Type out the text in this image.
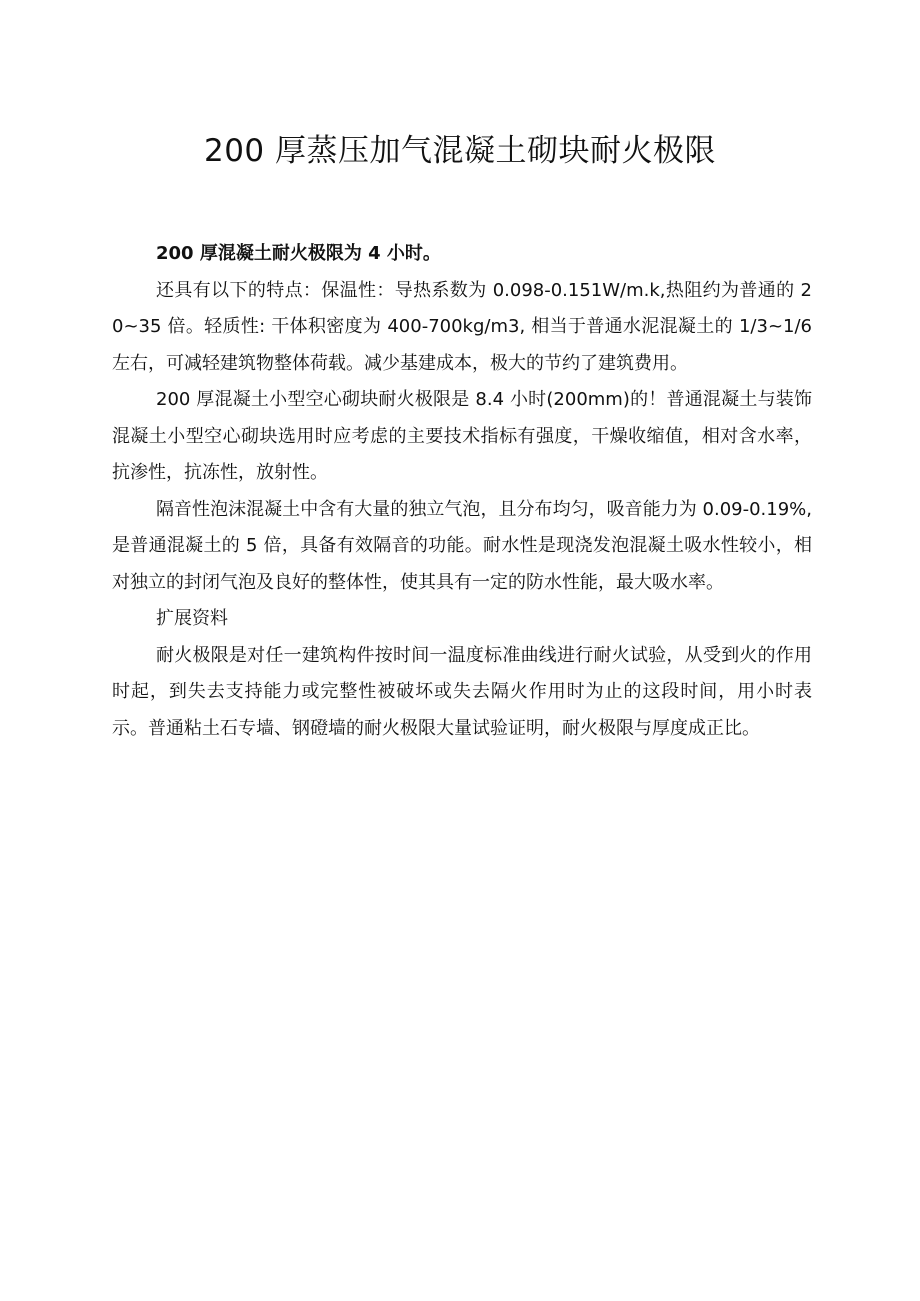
200 厚蒸压加气混凝土砌块耐火极限

200 厚混凝土耐火极限为 4 小时。

还具有以下的特点：保温性：导热系数为 0.098-0.151W/m.k,热阻约为普通的 20~35 倍。轻质性: 干体积密度为 400-700kg/m3, 相当于普通水泥混凝土的 1/3~1/6 左右，可减轻建筑物整体荷载。减少基建成本，极大的节约了建筑费用。

200 厚混凝土小型空心砌块耐火极限是 8.4 小时(200mm)的！普通混凝土与装饰混凝土小型空心砌块选用时应考虑的主要技术指标有强度，干燥收缩值，相对含水率，抗渗性，抗冻性，放射性。

隔音性泡沫混凝土中含有大量的独立气泡，且分布均匀，吸音能力为 0.09-0.19%,是普通混凝土的 5 倍，具备有效隔音的功能。耐水性是现浇发泡混凝土吸水性较小，相对独立的封闭气泡及良好的整体性，使其具有一定的防水性能，最大吸水率。

扩展资料

耐火极限是对任一建筑构件按时间一温度标准曲线进行耐火试验，从受到火的作用时起，到失去支持能力或完整性被破坏或失去隔火作用时为止的这段时间，用小时表示。普通粘土石专墙、钢磴墙的耐火极限大量试验证明，耐火极限与厚度成正比。
